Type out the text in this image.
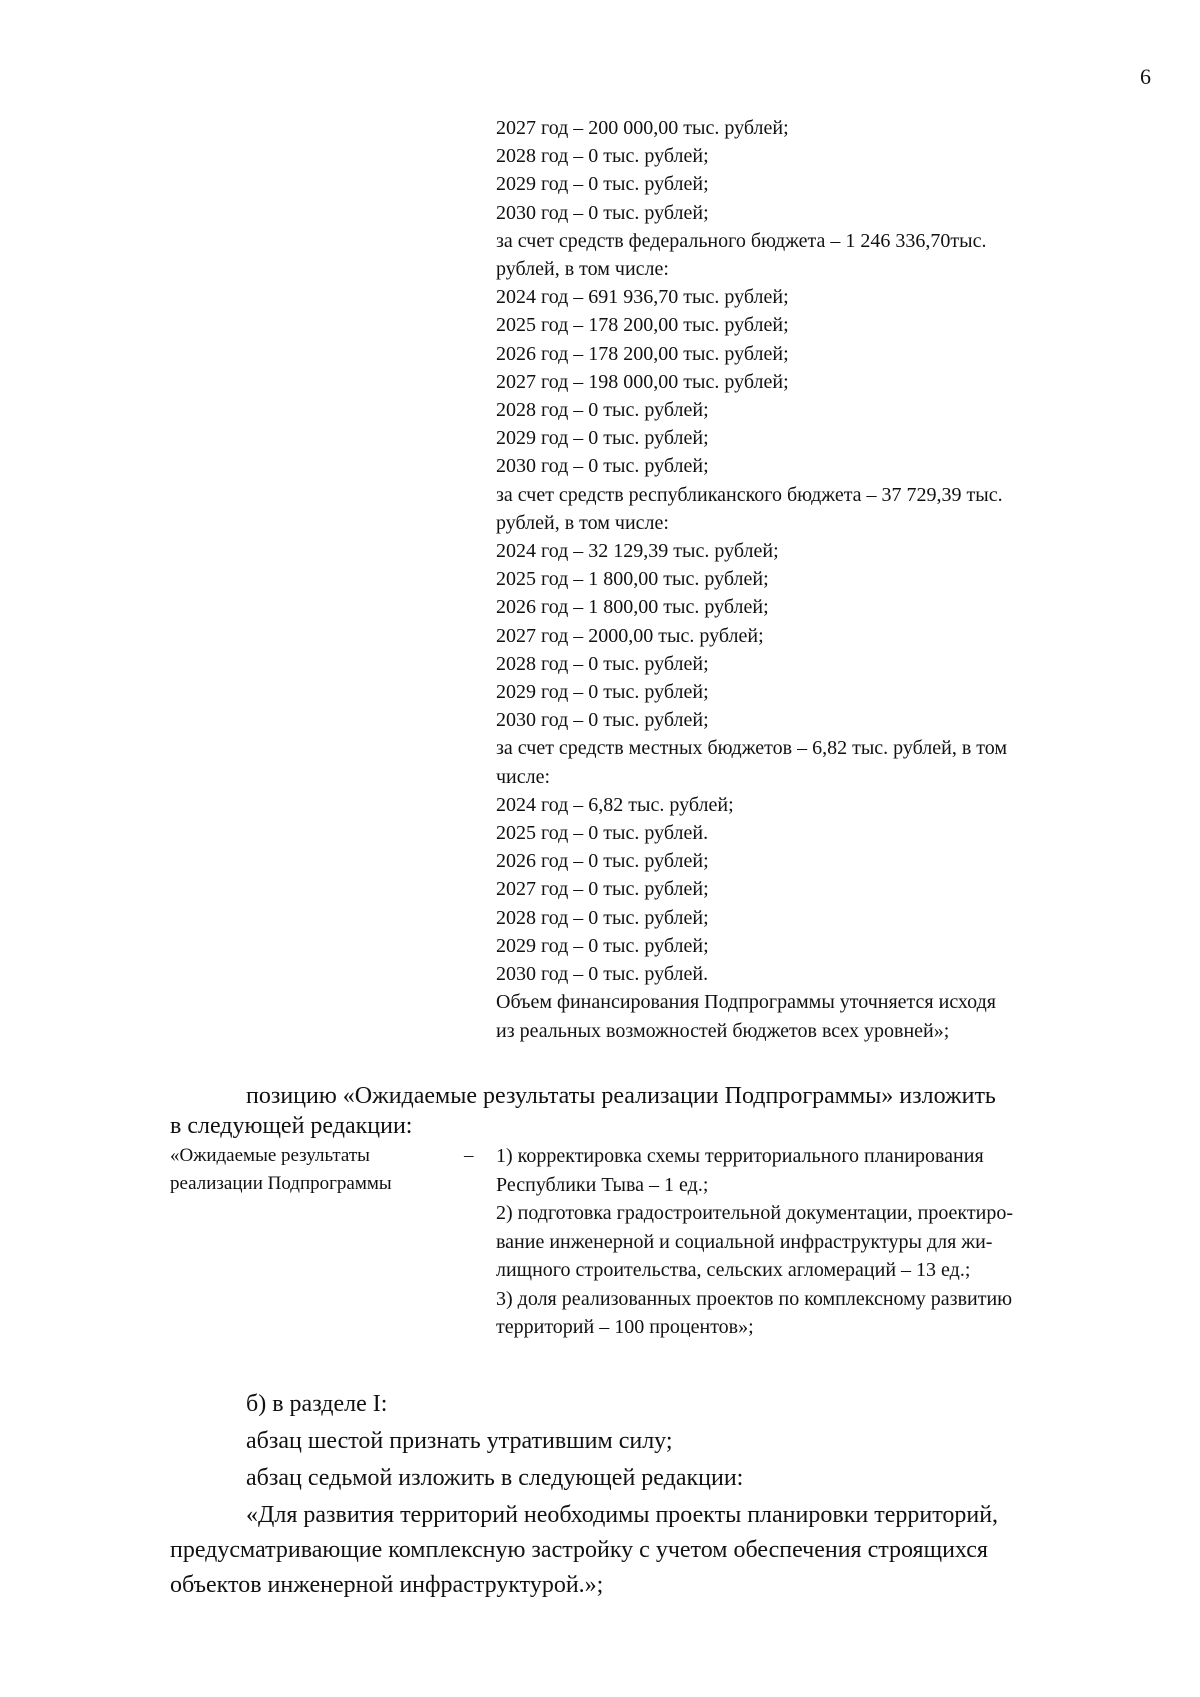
6
2027 год – 200 000,00 тыс. рублей;
2028 год – 0 тыс. рублей;
2029 год – 0 тыс. рублей;
2030 год – 0 тыс. рублей;
за счет средств федерального бюджета – 1 246 336,70тыс.
рублей, в том числе:
2024 год – 691 936,70 тыс. рублей;
2025 год – 178 200,00 тыс. рублей;
2026 год – 178 200,00 тыс. рублей;
2027 год – 198 000,00 тыс. рублей;
2028 год – 0 тыс. рублей;
2029 год – 0 тыс. рублей;
2030 год – 0 тыс. рублей;
за счет средств республиканского бюджета – 37 729,39 тыс.
рублей, в том числе:
2024 год – 32 129,39 тыс. рублей;
2025 год – 1 800,00 тыс. рублей;
2026 год – 1 800,00 тыс. рублей;
2027 год – 2000,00 тыс. рублей;
2028 год – 0 тыс. рублей;
2029 год – 0 тыс. рублей;
2030 год – 0 тыс. рублей;
за счет средств местных бюджетов – 6,82 тыс. рублей, в том
числе:
2024 год – 6,82 тыс. рублей;
2025 год – 0 тыс. рублей.
2026 год – 0 тыс. рублей;
2027 год – 0 тыс. рублей;
2028 год – 0 тыс. рублей;
2029 год – 0 тыс. рублей;
2030 год – 0 тыс. рублей.
Объем финансирования Подпрограммы уточняется исходя
из реальных возможностей бюджетов всех уровней»;
позицию «Ожидаемые результаты реализации Подпрограммы» изложить
в следующей редакции:
«Ожидаемые результаты
реализации Подпрограммы
– 1) корректировка схемы территориального планирования
Республики Тыва – 1 ед.;
2) подготовка градостроительной документации, проектиро-
вание инженерной и социальной инфраструктуры для жи-
лищного строительства, сельских агломераций – 13 ед.;
3) доля реализованных проектов по комплексному развитию
территорий – 100 процентов»;
б) в разделе I:
абзац шестой признать утратившим силу;
абзац седьмой изложить в следующей редакции:
«Для развития территорий необходимы проекты планировки территорий,
предусматривающие комплексную застройку с учетом обеспечения строящихся
объектов инженерной инфраструктурой.»;
